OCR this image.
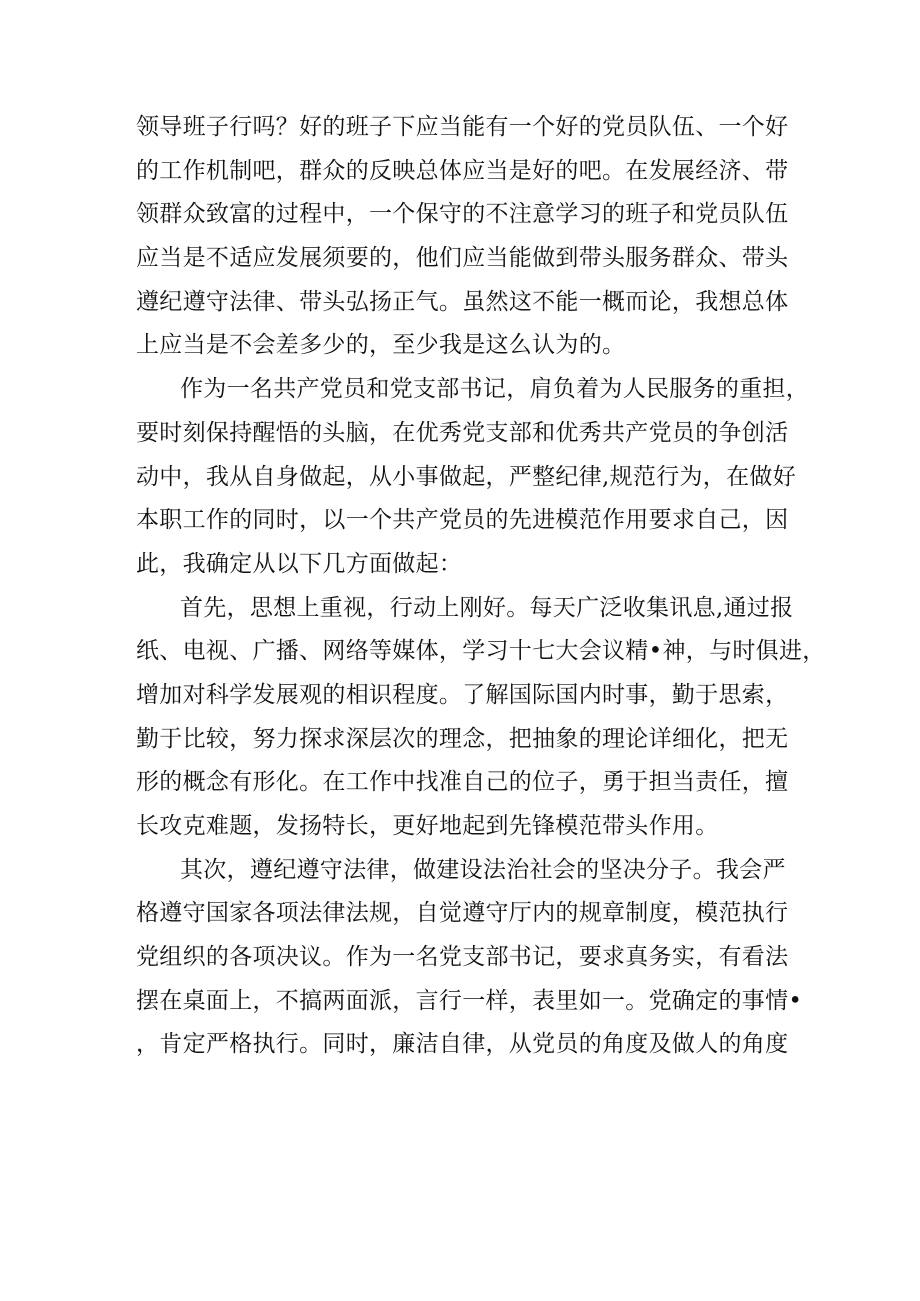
领导班子行吗？好的班子下应当能有一个好的党员队伍、一个好
的工作机制吧，群众的反映总体应当是好的吧。在发展经济、带
领群众致富的过程中，一个保守的不注意学习的班子和党员队伍
应当是不适应发展须要的，他们应当能做到带头服务群众、带头
遵纪遵守法律、带头弘扬正气。虽然这不能一概而论，我想总体
上应当是不会差多少的，至少我是这么认为的。
作为一名共产党员和党支部书记，肩负着为人民服务的重担，
要时刻保持醒悟的头脑，在优秀党支部和优秀共产党员的争创活
动中，我从自身做起，从小事做起，严整纪律,规范行为，在做好
本职工作的同时，以一个共产党员的先进模范作用要求自己，因
此，我确定从以下几方面做起：
首先，思想上重视，行动上刚好。每天广泛收集讯息,通过报
纸、电视、广播、网络等媒体，学习十七大会议精•神，与时俱进，
增加对科学发展观的相识程度。了解国际国内时事，勤于思索，
勤于比较，努力探求深层次的理念，把抽象的理论详细化，把无
形的概念有形化。在工作中找准自己的位子，勇于担当责任，擅
长攻克难题，发扬特长，更好地起到先锋模范带头作用。
其次，遵纪遵守法律，做建设法治社会的坚决分子。我会严
格遵守国家各项法律法规，自觉遵守厅内的规章制度，模范执行
党组织的各项决议。作为一名党支部书记，要求真务实，有看法
摆在桌面上，不搞两面派，言行一样，表里如一。党确定的事情•
，肯定严格执行。同时，廉洁自律，从党员的角度及做人的角度
